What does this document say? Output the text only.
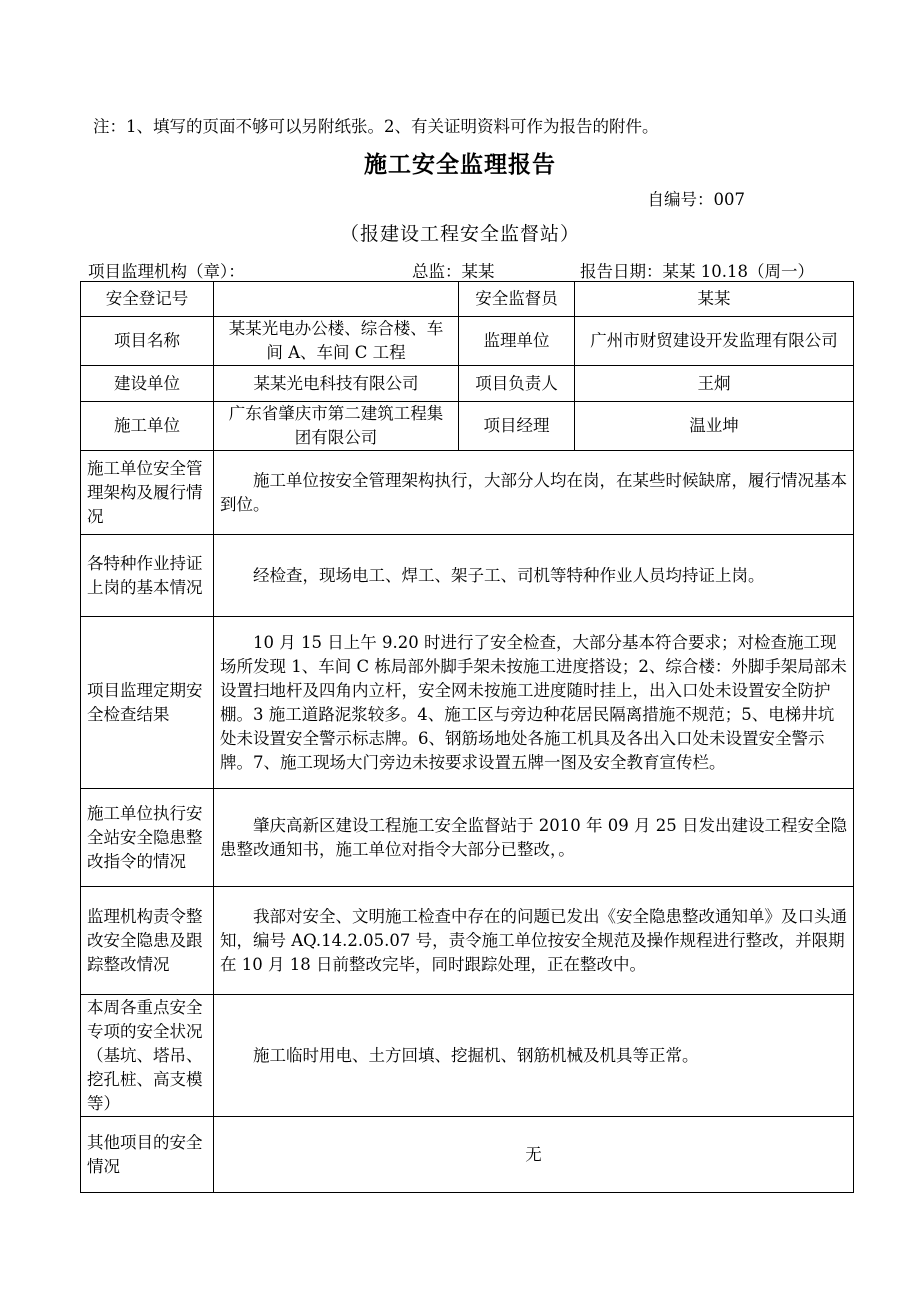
注：1、填写的页面不够可以另附纸张。2、有关证明资料可作为报告的附件。
施工安全监理报告
自编号：007
（报建设工程安全监督站）
项目监理机构（章）：	总监：某某	报告日期：某某 10.18（周一）
安全登记号		安全监督员	某某
项目名称	某某光电办公楼、综合楼、车间 A、车间 C 工程	监理单位	广州市财贸建设开发监理有限公司
建设单位	某某光电科技有限公司	项目负责人	王炯
施工单位	广东省肇庆市第二建筑工程集团有限公司	项目经理	温业坤
施工单位安全管理架构及履行情况	施工单位按安全管理架构执行，大部分人均在岗，在某些时候缺席，履行情况基本到位。		

各特种作业持证上岗的基本情况	经检查，现场电工、焊工、架子工、司机等特种作业人员均持证上岗。		

项目监理定期安全检查结果	10 月 15 日上午 9.20 时进行了安全检查，大部分基本符合要求；对检查施工现场所发现 1、车间 C 栋局部外脚手架未按施工进度搭设；2、综合楼：外脚手架局部未设置扫地杆及四角内立杆，安全网未按施工进度随时挂上，出入口处未设置安全防护棚。3 施工道路泥浆较多。4、施工区与旁边种花居民隔离措施不规范；5、电梯井坑处未设置安全警示标志牌。6、钢筋场地处各施工机具及各出入口处未设置安全警示牌。7、施工现场大门旁边未按要求设置五牌一图及安全教育宣传栏。		

施工单位执行安全站安全隐患整改指令的情况	肇庆高新区建设工程施工安全监督站于 2010 年 09 月 25 日发出建设工程安全隐患整改通知书，施工单位对指令大部分已整改，。		

监理机构责令整改安全隐患及跟踪整改情况	我部对安全、文明施工检查中存在的问题已发出《安全隐患整改通知单》及口头通知，编号 AQ.14.2.05.07 号，责令施工单位按安全规范及操作规程进行整改，并限期在 10 月 18 日前整改完毕，同时跟踪处理，正在整改中。		

本周各重点安全专项的安全状况（基坑、塔吊、挖孔桩、高支模等）	施工临时用电、土方回填、挖掘机、钢筋机械及机具等正常。		

其他项目的安全情况	无		
